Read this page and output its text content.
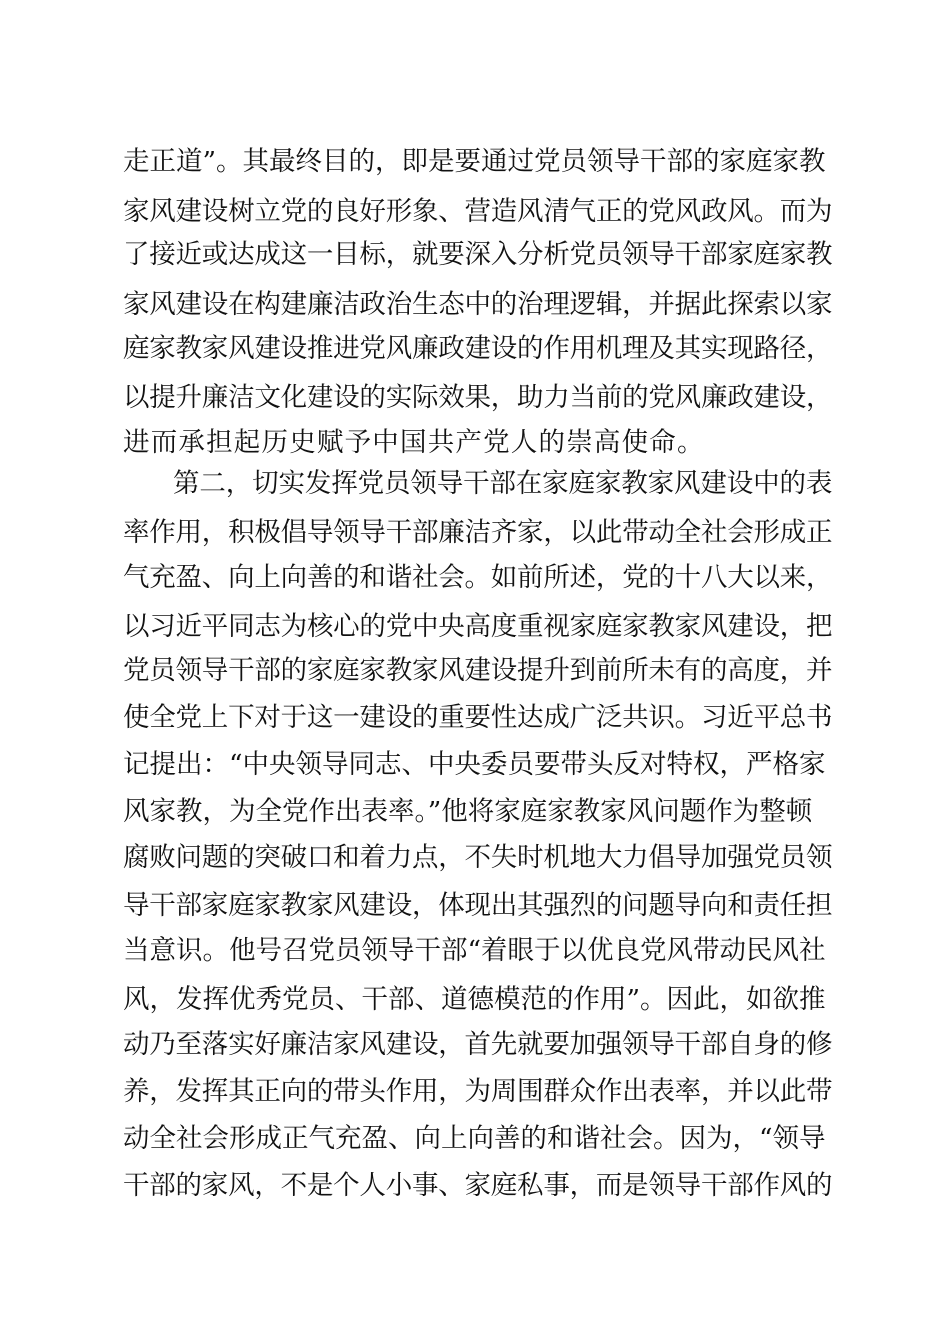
走正道”。其最终目的，即是要通过党员领导干部的家庭家教
家风建设树立党的良好形象、营造风清气正的党风政风。而为
了接近或达成这一目标，就要深入分析党员领导干部家庭家教
家风建设在构建廉洁政治生态中的治理逻辑，并据此探索以家
庭家教家风建设推进党风廉政建设的作用机理及其实现路径，
以提升廉洁文化建设的实际效果，助力当前的党风廉政建设，
进而承担起历史赋予中国共产党人的崇高使命。
第二，切实发挥党员领导干部在家庭家教家风建设中的表
率作用，积极倡导领导干部廉洁齐家，以此带动全社会形成正
气充盈、向上向善的和谐社会。如前所述，党的十八大以来，
以习近平同志为核心的党中央高度重视家庭家教家风建设，把
党员领导干部的家庭家教家风建设提升到前所未有的高度，并
使全党上下对于这一建设的重要性达成广泛共识。习近平总书
记提出：“中央领导同志、中央委员要带头反对特权，严格家
风家教，为全党作出表率。”他将家庭家教家风问题作为整顿
腐败问题的突破口和着力点，不失时机地大力倡导加强党员领
导干部家庭家教家风建设，体现出其强烈的问题导向和责任担
当意识。他号召党员领导干部“着眼于以优良党风带动民风社
风，发挥优秀党员、干部、道德模范的作用”。因此，如欲推
动乃至落实好廉洁家风建设，首先就要加强领导干部自身的修
养，发挥其正向的带头作用，为周围群众作出表率，并以此带
动全社会形成正气充盈、向上向善的和谐社会。因为，“领导
干部的家风，不是个人小事、家庭私事，而是领导干部作风的
